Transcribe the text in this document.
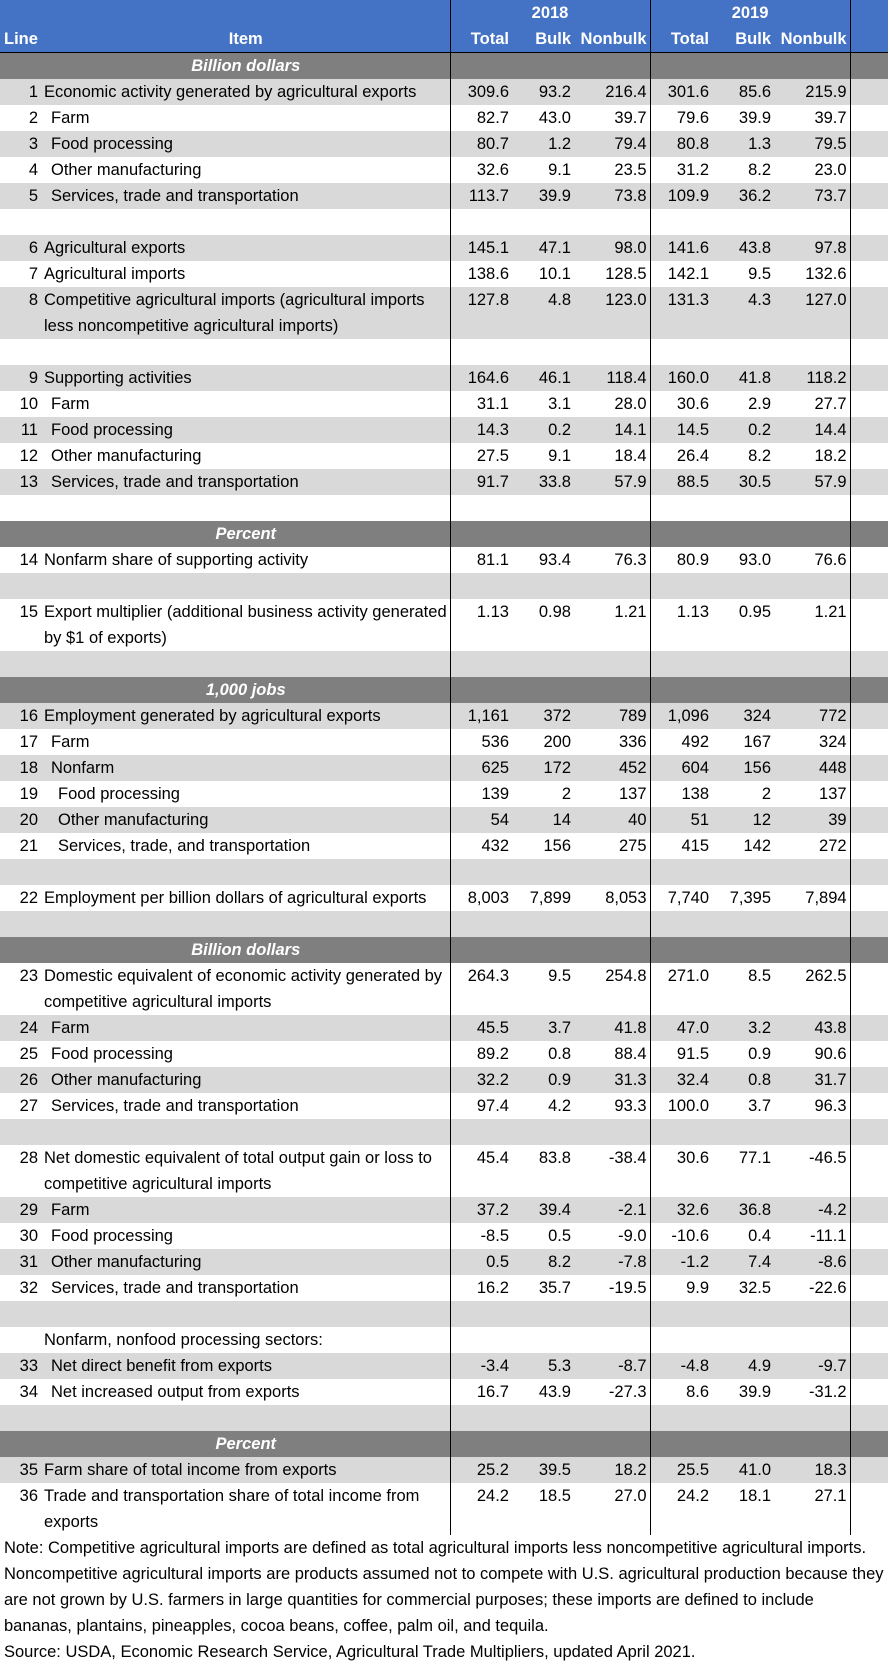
		2018			2019			
Line	Item	Total	Bulk	Nonbulk	Total	Bulk	Nonbulk	
	Billion dollars							
1	Economic activity generated by agricultural exports	309.6	93.2	216.4	301.6	85.6	215.9	
2	Farm	82.7	43.0	39.7	79.6	39.9	39.7	
3	Food processing	80.7	1.2	79.4	80.8	1.3	79.5	
4	Other manufacturing	32.6	9.1	23.5	31.2	8.2	23.0	
5	Services, trade and transportation	113.7	39.9	73.8	109.9	36.2	73.7	

6	Agricultural exports	145.1	47.1	98.0	141.6	43.8	97.8	
7	Agricultural imports	138.6	10.1	128.5	142.1	9.5	132.6	
8	Competitive agricultural imports (agricultural imports less noncompetitive agricultural imports)	127.8	4.8	123.0	131.3	4.3	127.0	

9	Supporting activities	164.6	46.1	118.4	160.0	41.8	118.2	
10	Farm	31.1	3.1	28.0	30.6	2.9	27.7	
11	Food processing	14.3	0.2	14.1	14.5	0.2	14.4	
12	Other manufacturing	27.5	9.1	18.4	26.4	8.2	18.2	
13	Services, trade and transportation	91.7	33.8	57.9	88.5	30.5	57.9	

	Percent							
14	Nonfarm share of supporting activity	81.1	93.4	76.3	80.9	93.0	76.6	

15	Export multiplier (additional business activity generated by $1 of exports)	1.13	0.98	1.21	1.13	0.95	1.21	

	1,000 jobs							
16	Employment generated by agricultural exports	1,161	372	789	1,096	324	772	
17	Farm	536	200	336	492	167	324	
18	Nonfarm	625	172	452	604	156	448	
19	Food processing	139	2	137	138	2	137	
20	Other manufacturing	54	14	40	51	12	39	
21	Services, trade, and transportation	432	156	275	415	142	272	

22	Employment per billion dollars of agricultural exports	8,003	7,899	8,053	7,740	7,395	7,894	

	Billion dollars							
23	Domestic equivalent of economic activity generated by competitive agricultural imports	264.3	9.5	254.8	271.0	8.5	262.5	
24	Farm	45.5	3.7	41.8	47.0	3.2	43.8	
25	Food processing	89.2	0.8	88.4	91.5	0.9	90.6	
26	Other manufacturing	32.2	0.9	31.3	32.4	0.8	31.7	
27	Services, trade and transportation	97.4	4.2	93.3	100.0	3.7	96.3	

28	Net domestic equivalent of total output gain or loss to competitive agricultural imports	45.4	83.8	-38.4	30.6	77.1	-46.5	
29	Farm	37.2	39.4	-2.1	32.6	36.8	-4.2	
30	Food processing	-8.5	0.5	-9.0	-10.6	0.4	-11.1	
31	Other manufacturing	0.5	8.2	-7.8	-1.2	7.4	-8.6	
32	Services, trade and transportation	16.2	35.7	-19.5	9.9	32.5	-22.6	

	Nonfarm, nonfood processing sectors:							
33	Net direct benefit from exports	-3.4	5.3	-8.7	-4.8	4.9	-9.7	
34	Net increased output from exports	16.7	43.9	-27.3	8.6	39.9	-31.2	

	Percent							
35	Farm share of total income from exports	25.2	39.5	18.2	25.5	41.0	18.3	
36	Trade and transportation share of total income from exports	24.2	18.5	27.0	24.2	18.1	27.1	
Note: Competitive agricultural imports are defined as total agricultural imports less noncompetitive agricultural imports. Noncompetitive agricultural imports are products assumed not to compete with U.S. agricultural production because they are not grown by U.S. farmers in large quantities for commercial purposes; these imports are defined to include bananas, plantains, pineapples, cocoa beans, coffee, palm oil, and tequila.
Source: USDA, Economic Research Service, Agricultural Trade Multipliers, updated April 2021.
